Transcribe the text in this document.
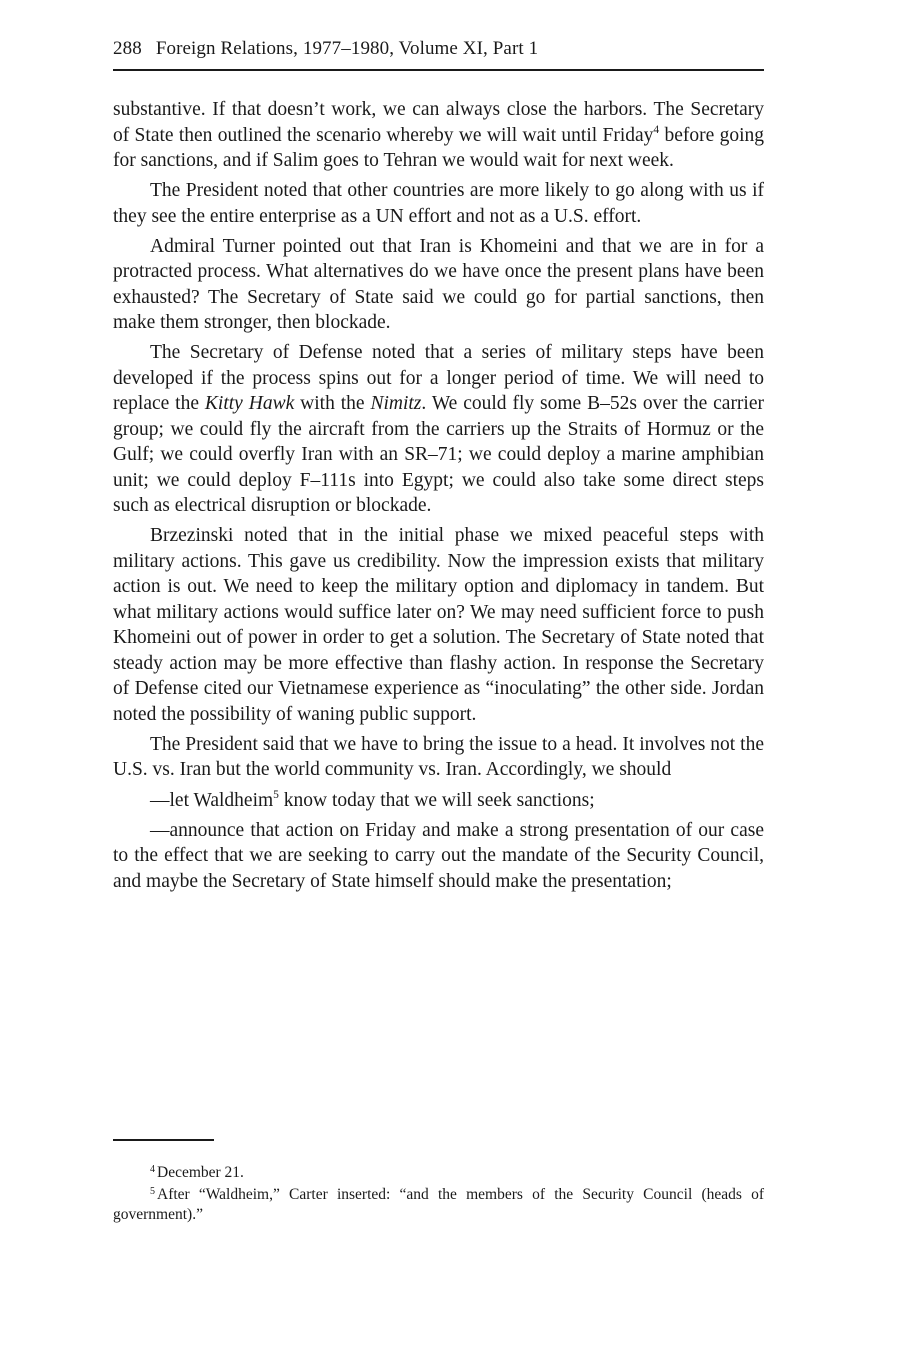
288 Foreign Relations, 1977–1980, Volume XI, Part 1

substantive. If that doesn’t work, we can always close the harbors. The Secretary of State then outlined the scenario whereby we will wait until Friday$^4$ before going for sanctions, and if Salim goes to Tehran we would wait for next week.

The President noted that other countries are more likely to go along with us if they see the entire enterprise as a UN effort and not as a U.S. effort.

Admiral Turner pointed out that Iran is Khomeini and that we are in for a protracted process. What alternatives do we have once the present plans have been exhausted? The Secretary of State said we could go for partial sanctions, then make them stronger, then blockade.

The Secretary of Defense noted that a series of military steps have been developed if the process spins out for a longer period of time. We will need to replace the Kitty Hawk with the Nimitz. We could fly some B–52s over the carrier group; we could fly the aircraft from the carriers up the Straits of Hormuz or the Gulf; we could overfly Iran with an SR–71; we could deploy a marine amphibian unit; we could deploy F–111s into Egypt; we could also take some direct steps such as electrical disruption or blockade.

Brzezinski noted that in the initial phase we mixed peaceful steps with military actions. This gave us credibility. Now the impression exists that military action is out. We need to keep the military option and diplomacy in tandem. But what military actions would suffice later on? We may need sufficient force to push Khomeini out of power in order to get a solution. The Secretary of State noted that steady action may be more effective than flashy action. In response the Secretary of Defense cited our Vietnamese experience as “inoculating” the other side. Jordan noted the possibility of waning public support.

The President said that we have to bring the issue to a head. It involves not the U.S. vs. Iran but the world community vs. Iran. Accordingly, we should

—let Waldheim$^5$ know today that we will seek sanctions;

—announce that action on Friday and make a strong presentation of our case to the effect that we are seeking to carry out the mandate of the Security Council, and maybe the Secretary of State himself should make the presentation;

$^4$ December 21.

$^5$ After “Waldheim,” Carter inserted: “and the members of the Security Council (heads of government).”
